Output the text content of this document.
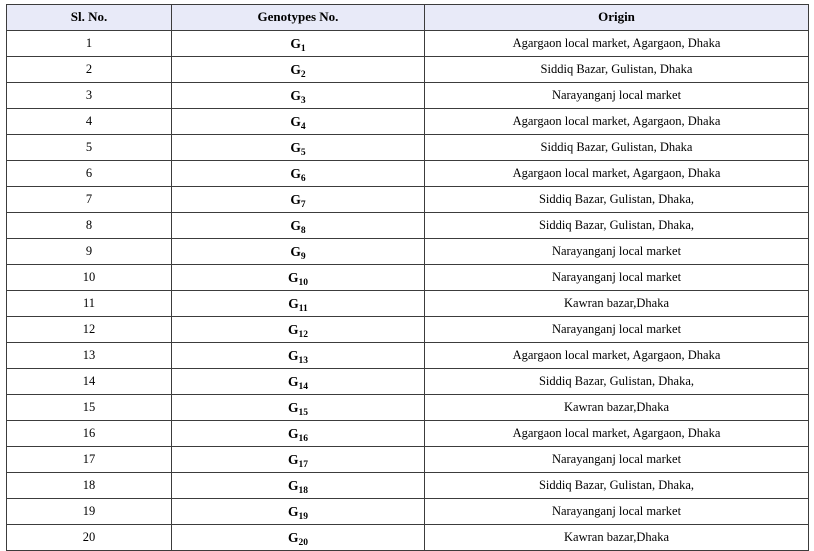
Sl. No.	Genotypes No.	Origin
1	$G_1$	Agargaon local market, Agargaon, Dhaka
2	$G_2$	Siddiq Bazar, Gulistan, Dhaka
3	$G_3$	Narayanganj local market
4	$G_4$	Agargaon local market, Agargaon, Dhaka
5	$G_5$	Siddiq Bazar, Gulistan, Dhaka
6	$G_6$	Agargaon local market, Agargaon, Dhaka
7	$G_7$	Siddiq Bazar, Gulistan, Dhaka,
8	$G_8$	Siddiq Bazar, Gulistan, Dhaka,
9	$G_9$	Narayanganj local market
10	$G_{10}$	Narayanganj local market
11	$G_{11}$	Kawran bazar,Dhaka
12	$G_{12}$	Narayanganj local market
13	$G_{13}$	Agargaon local market, Agargaon, Dhaka
14	$G_{14}$	Siddiq Bazar, Gulistan, Dhaka,
15	$G_{15}$	Kawran bazar,Dhaka
16	$G_{16}$	Agargaon local market, Agargaon, Dhaka
17	$G_{17}$	Narayanganj local market
18	$G_{18}$	Siddiq Bazar, Gulistan, Dhaka,
19	$G_{19}$	Narayanganj local market
20	$G_{20}$	Kawran bazar,Dhaka
